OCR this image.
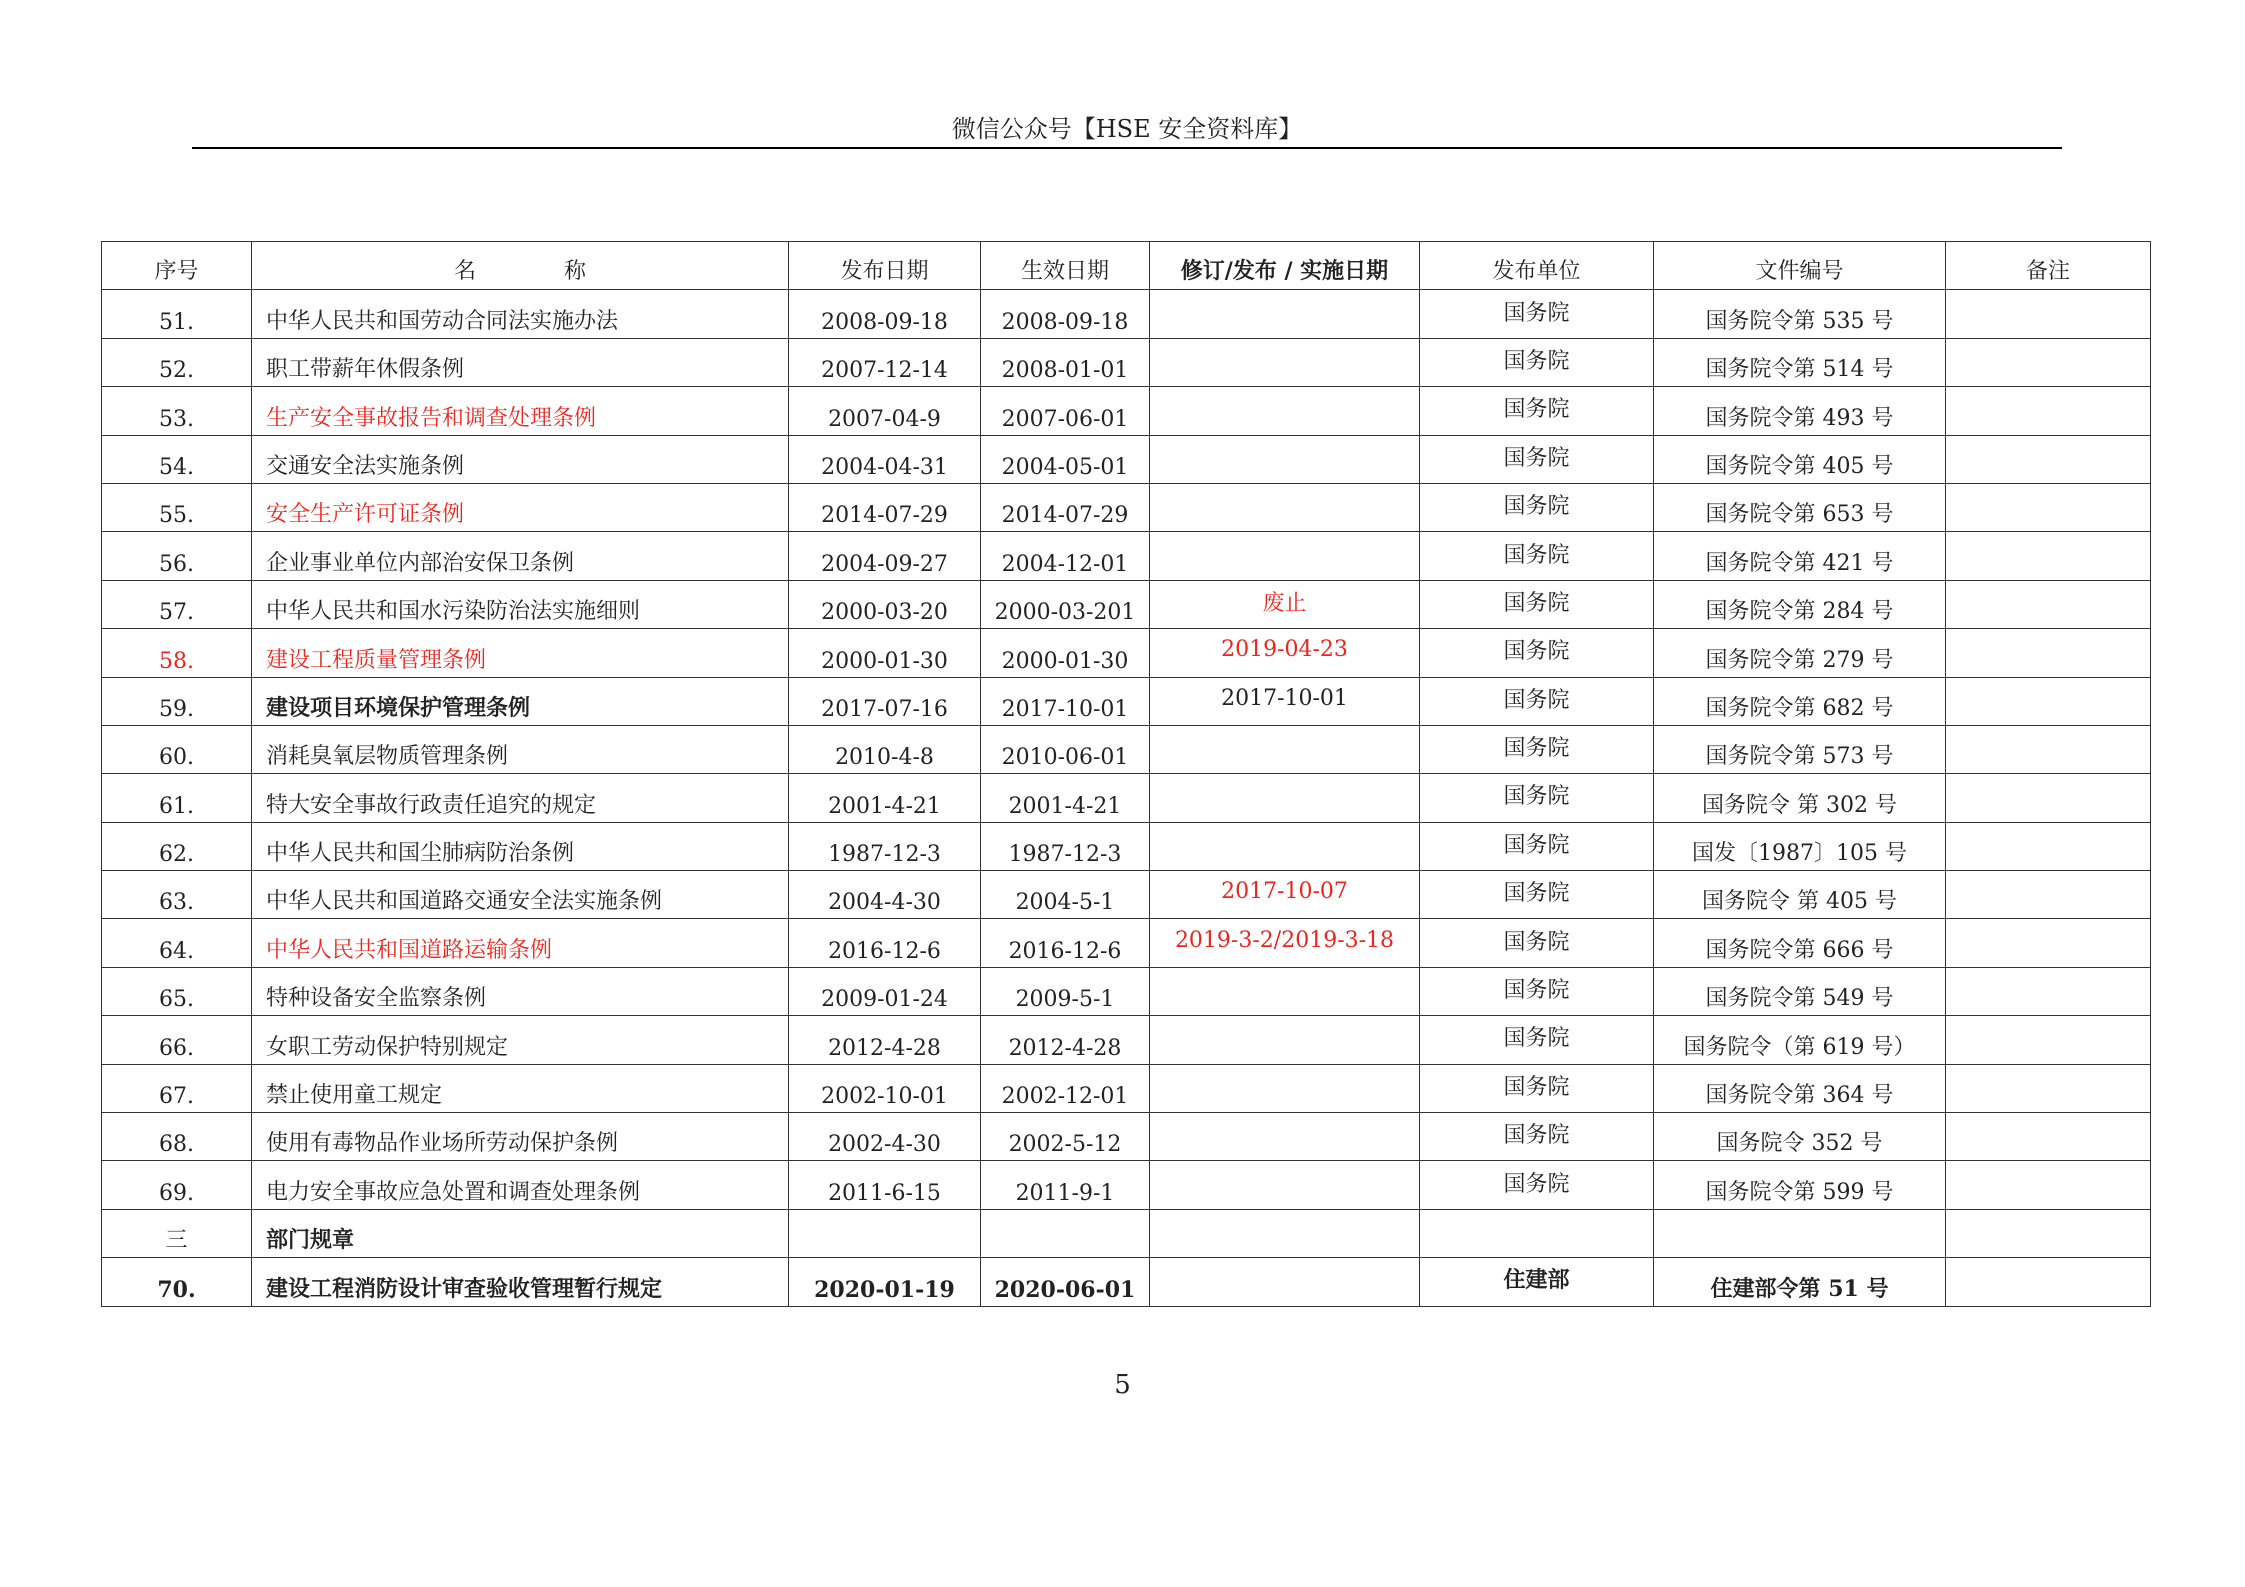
微信公众号【HSE 安全资料库】
序号	名　　　　称	发布日期	生效日期	修订/发布 / 实施日期	发布单位	文件编号	备注
51.	中华人民共和国劳动合同法实施办法	2008-09-18	2008-09-18		国务院	国务院令第 535 号	
52.	职工带薪年休假条例	2007-12-14	2008-01-01		国务院	国务院令第 514 号	
53.	生产安全事故报告和调查处理条例	2007-04-9	2007-06-01		国务院	国务院令第 493 号	
54.	交通安全法实施条例	2004-04-31	2004-05-01		国务院	国务院令第 405 号	
55.	安全生产许可证条例	2014-07-29	2014-07-29		国务院	国务院令第 653 号	
56.	企业事业单位内部治安保卫条例	2004-09-27	2004-12-01		国务院	国务院令第 421 号	
57.	中华人民共和国水污染防治法实施细则	2000-03-20	2000-03-201	废止	国务院	国务院令第 284 号	
58.	建设工程质量管理条例	2000-01-30	2000-01-30	2019-04-23	国务院	国务院令第 279 号	
59.	建设项目环境保护管理条例	2017-07-16	2017-10-01	2017-10-01	国务院	国务院令第 682 号	
60.	消耗臭氧层物质管理条例	2010-4-8	2010-06-01		国务院	国务院令第 573 号	
61.	特大安全事故行政责任追究的规定	2001-4-21	2001-4-21		国务院	国务院令 第 302 号	
62.	中华人民共和国尘肺病防治条例	1987-12-3	1987-12-3		国务院	国发〔1987〕105 号	
63.	中华人民共和国道路交通安全法实施条例	2004-4-30	2004-5-1	2017-10-07	国务院	国务院令 第 405 号	
64.	中华人民共和国道路运输条例	2016-12-6	2016-12-6	2019-3-2/2019-3-18	国务院	国务院令第 666 号	
65.	特种设备安全监察条例	2009-01-24	2009-5-1		国务院	国务院令第 549 号	
66.	女职工劳动保护特别规定	2012-4-28	2012-4-28		国务院	国务院令（第 619 号）	
67.	禁止使用童工规定	2002-10-01	2002-12-01		国务院	国务院令第 364 号	
68.	使用有毒物品作业场所劳动保护条例	2002-4-30	2002-5-12		国务院	国务院令 352 号	
69.	电力安全事故应急处置和调查处理条例	2011-6-15	2011-9-1		国务院	国务院令第 599 号	
三	部门规章						
70.	建设工程消防设计审查验收管理暂行规定	2020-01-19	2020-06-01		住建部	住建部令第 51 号	
5
